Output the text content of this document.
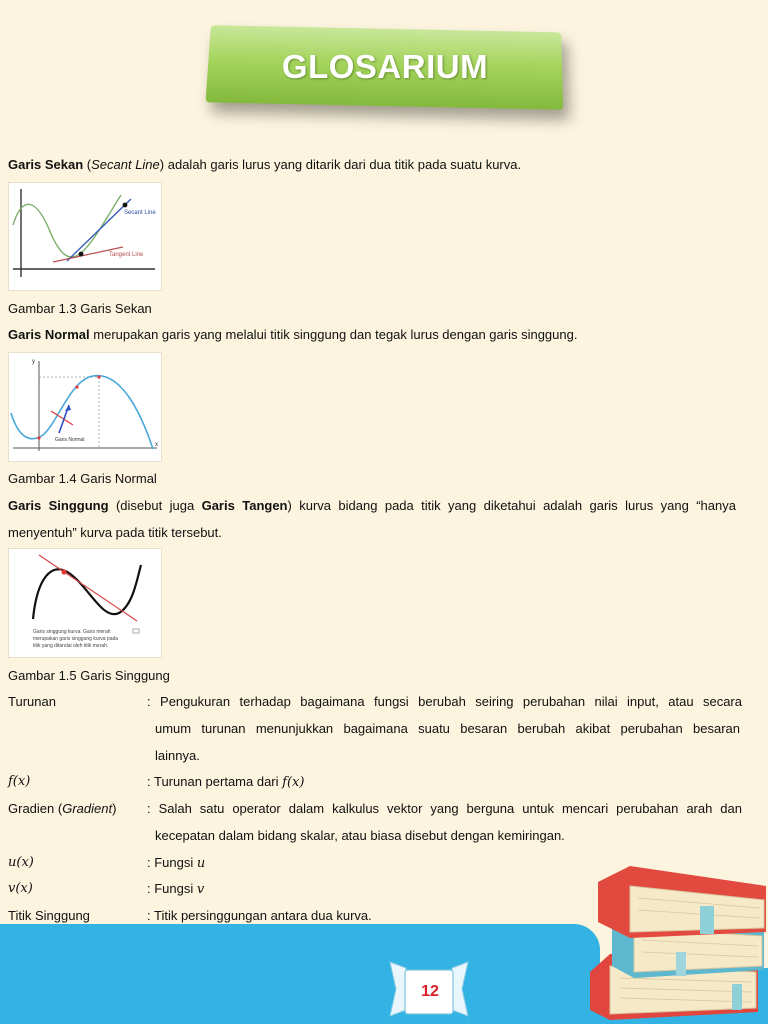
GLOSARIUM
Garis Sekan (Secant Line) adalah garis lurus yang ditarik dari dua titik pada suatu kurva.
Secant Line
Tangent Line
Gambar 1.3 Garis Sekan
Garis Normal merupakan garis yang melalui titik singgung dan tegak lurus dengan garis singgung.
y
x
Garis Normal
Gambar 1.4 Garis Normal
Garis Singgung (disebut juga Garis Tangen) kurva bidang pada titik yang diketahui adalah garis lurus yang “hanya
menyentuh” kurva pada titik tersebut.
Garis singgung kurva. Garis merah
merupakan garis singgung kurva pada
titik yang ditandai oleh titik merah.
Gambar 1.5 Garis Singgung
Turunan	: Pengukuran terhadap bagaimana fungsi berubah seiring perubahan nilai input, atau secara
umum turunan menunjukkan bagaimana suatu besaran berubah akibat perubahan besaran
lainnya.
f(x)	: Turunan pertama dari f(x)
Gradien (Gradient) : Salah satu operator dalam kalkulus vektor yang berguna untuk mencari perubahan arah dan
kecepatan dalam bidang skalar, atau biasa disebut dengan kemiringan.
u(x)	: Fungsi u
v(x)	: Fungsi v
Titik Singgung	: Titik persinggungan antara dua kurva.
12
